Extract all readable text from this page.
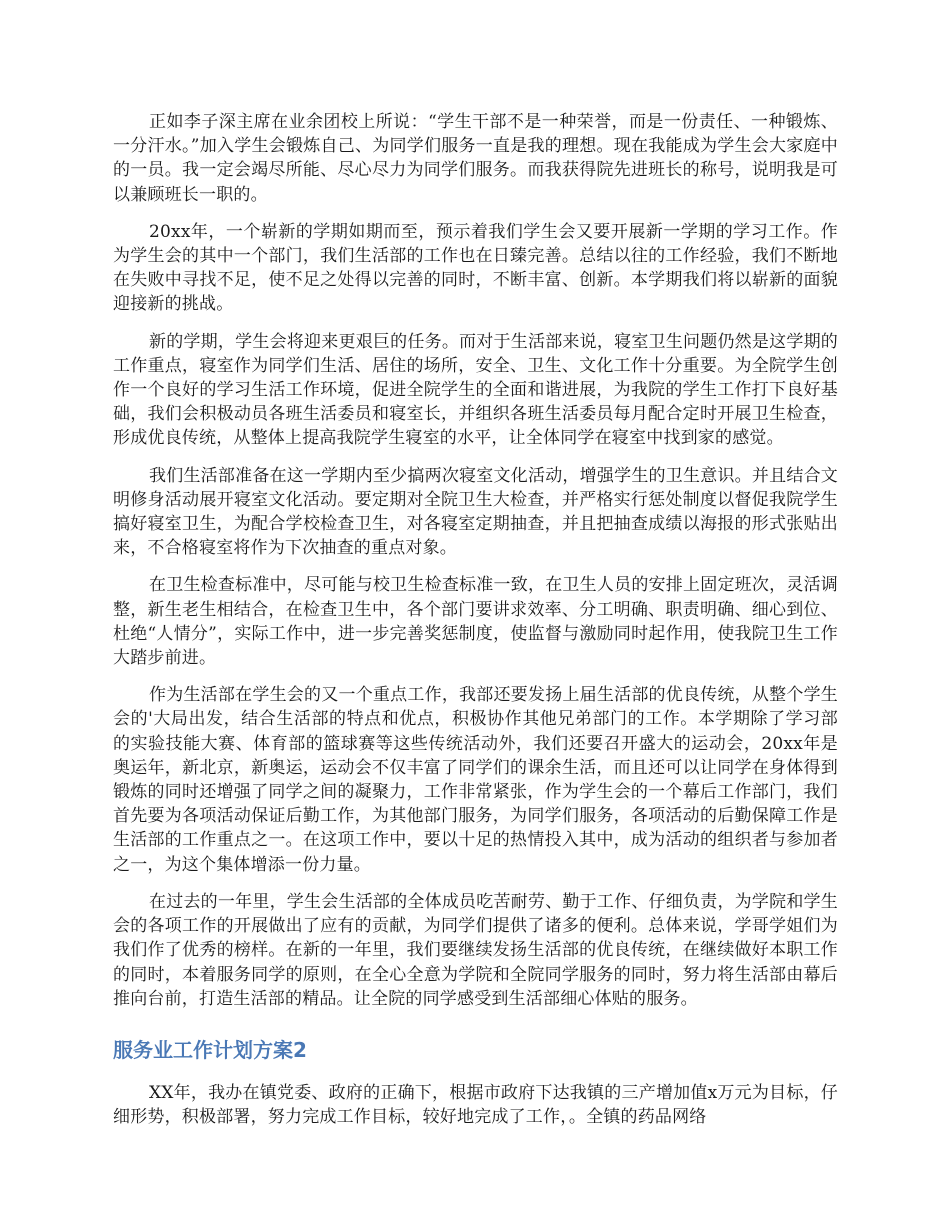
正如李子深主席在业余团校上所说：“学生干部不是一种荣誉，而是一份责任、一种锻炼、一分汗水。”加入学生会锻炼自己、为同学们服务一直是我的理想。现在我能成为学生会大家庭中的一员。我一定会竭尽所能、尽心尽力为同学们服务。而我获得院先进班长的称号，说明我是可以兼顾班长一职的。

20xx年，一个崭新的学期如期而至，预示着我们学生会又要开展新一学期的学习工作。作为学生会的其中一个部门，我们生活部的工作也在日臻完善。总结以往的工作经验，我们不断地在失败中寻找不足，使不足之处得以完善的同时，不断丰富、创新。本学期我们将以崭新的面貌迎接新的挑战。

新的学期，学生会将迎来更艰巨的任务。而对于生活部来说，寝室卫生问题仍然是这学期的工作重点，寝室作为同学们生活、居住的场所，安全、卫生、文化工作十分重要。为全院学生创作一个良好的学习生活工作环境，促进全院学生的全面和谐进展，为我院的学生工作打下良好基础，我们会积极动员各班生活委员和寝室长，并组织各班生活委员每月配合定时开展卫生检查，形成优良传统，从整体上提高我院学生寝室的水平，让全体同学在寝室中找到家的感觉。

我们生活部准备在这一学期内至少搞两次寝室文化活动，增强学生的卫生意识。并且结合文明修身活动展开寝室文化活动。要定期对全院卫生大检查，并严格实行惩处制度以督促我院学生搞好寝室卫生，为配合学校检查卫生，对各寝室定期抽查，并且把抽查成绩以海报的形式张贴出来，不合格寝室将作为下次抽查的重点对象。

在卫生检查标准中，尽可能与校卫生检查标准一致，在卫生人员的安排上固定班次，灵活调整，新生老生相结合，在检查卫生中，各个部门要讲求效率、分工明确、职责明确、细心到位、杜绝“人情分”，实际工作中，进一步完善奖惩制度，使监督与激励同时起作用，使我院卫生工作大踏步前进。

作为生活部在学生会的又一个重点工作，我部还要发扬上届生活部的优良传统，从整个学生会的'大局出发，结合生活部的特点和优点，积极协作其他兄弟部门的工作。本学期除了学习部的实验技能大赛、体育部的篮球赛等这些传统活动外，我们还要召开盛大的运动会，20xx年是奥运年，新北京，新奥运，运动会不仅丰富了同学们的课余生活，而且还可以让同学在身体得到锻炼的同时还增强了同学之间的凝聚力，工作非常紧张，作为学生会的一个幕后工作部门，我们首先要为各项活动保证后勤工作，为其他部门服务，为同学们服务，各项活动的后勤保障工作是生活部的工作重点之一。在这项工作中，要以十足的热情投入其中，成为活动的组织者与参加者之一，为这个集体增添一份力量。

在过去的一年里，学生会生活部的全体成员吃苦耐劳、勤于工作、仔细负责，为学院和学生会的各项工作的开展做出了应有的贡献，为同学们提供了诸多的便利。总体来说，学哥学姐们为我们作了优秀的榜样。在新的一年里，我们要继续发扬生活部的优良传统，在继续做好本职工作的同时，本着服务同学的原则，在全心全意为学院和全院同学服务的同时，努力将生活部由幕后推向台前，打造生活部的精品。让全院的同学感受到生活部细心体贴的服务。

服务业工作计划方案2

XX年，我办在镇党委、政府的正确下，根据市政府下达我镇的三产增加值x万元为目标，仔细形势，积极部署，努力完成工作目标，较好地完成了工作，。全镇的药品网络
